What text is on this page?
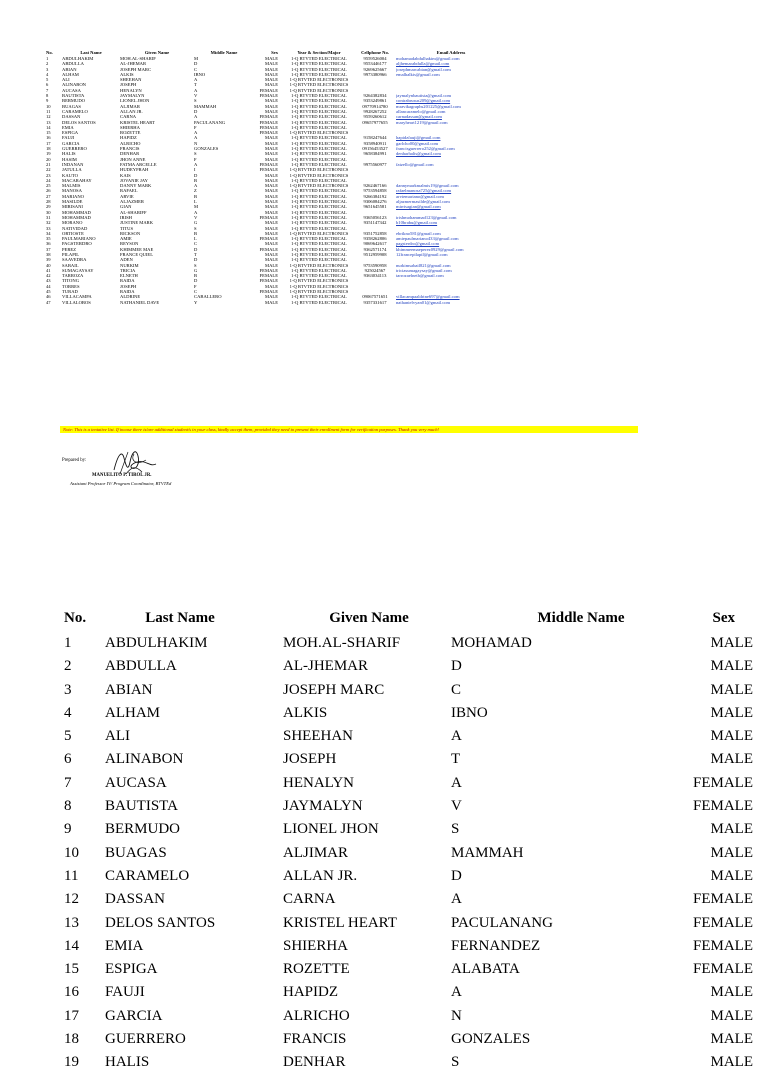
No.	Last Name	Given Name	Middle Name	Sex	Year & Section/Major	Cellphone No.	Email Address
1	ABDULHAKIM	MOH.AL-SHARIF	M	MALE	1-Q BTVTED ELECTRICAL	9559526004	mohamadabdulhakim@gmail.com
2	ABDULLA	AL-JHEMAR	D	MALE	1-Q BTVTED ELECTRICAL	9553446177	aljhemarabdulla@gmail.com
3	ABIAN	JOSEPH MARC	C	MALE	1-Q BTVTED ELECTRICAL	9269625667	josephmarcabian@gmail.com
4	ALHAM	ALKIS	IBNO	MALE	1-Q BTVTED ELECTRICAL	9973380966	emalhalkis@gmail.com
5	ALI	SHEEHAN	A	MALE	1-Q BTVTED ELECTRONICS
6	ALINABON	JOSEPH	T	MALE	1-Q BTVTED ELECTRONICS
7	AUCASA	HENALYN	A	FEMALE	1-Q BTVTED ELECTRONICS
8	BAUTISTA	JAYMALYN	V	FEMALE	1-Q BTVTED ELECTRICAL	9264382834	jaymalynbautista@gmail.com
9	BERMUDO	LIONEL JHON	S	MALE	1-Q BTVTED ELECTRICAL	9353249861	contrabrusus209@gmail.com
10	BUAGAS	ALJIMAR	MAMMAH	MALE	1-Q BTVTED ELECTRICAL	09770914780	mravikagraphs201225@gmail.com
11	CARAMELO	ALLAN JR.	D	MALE	1-Q BTVTED ELECTRICAL	9928267252	allancaramelo@gmail.com
12	DASSAN	CARNA	A	FEMALE	1-Q BTVTED ELECTRICAL	9559260612	carnadassan@gmail.com
13	DELOS SANTOS	KRISTEL HEART	PACULANANG	FEMALE	1-Q BTVTED ELECTRICAL	09657977655	maryheart1219@gmail.com
14	EMIA	SHIERHA	F	FEMALE	1-Q BTVTED ELECTRICAL
15	ESPIGA	ROZETTE	A	FEMALE	1-Q BTVTED ELECTRONICS
16	FAUJI	HAPIDZ	A	MALE	1-Q BTVTED ELECTRICAL	9158247644	hapidzfauji@gmail.com
17	GARCIA	ALRICHO	N	MALE	1-Q BTVTED ELECTRICAL	9358940911	garlcho00@gmail.com
18	GUERRERO	FRANCIS	GONZALES	MALE	1-Q BTVTED ELECTRICAL	09156453527	francisguerrero252@gmail.com
19	HALIS	DENHAR	S	MALE	1-Q BTVTED ELECTRICAL	9658384991	denharhalis@gmail.com
20	HASIM	JHON ANNE	F	MALE	1-Q BTVTED ELECTRICAL
21	INDANAN	FATMA ARCELLE	A	FEMALE	1-Q BTVTED ELECTRICAL	9975560977	fatzello@gmail.com
22	JATULLA	HUDEYFRAH	I	FEMALE	1-Q BTVTED ELECTRONICS
23	KAUTO	KAIS	D	MALE	1-Q BTVTED ELECTRONICS
24	MACARAHAY	JOVANIE JAY	B	MALE	1-Q BTVTED ELECTRICAL
25	MALMIS	DANNY MARK	A	MALE	1-Q BTVTED ELECTRONICS	9262467166	dannymarkmalmis19@gmail.com
26	MANOSA	RAFAEL	Z	MALE	1-Q BTVTED ELECTRICAL	9753594858	rafaelmanosa725@gmail.com
27	MARIANO	ARVIE	B	MALE	1-Q BTVTED ELECTRICAL	9266384192	arviemariano@gmail.com
28	MASILDE	ALJAZMER	L	MALE	1-Q BTVTED ELECTRICAL	9306084276	aljazmermasilde@gmail.com
29	MIRISANI	GIAN	M	MALE	1-Q BTVTED ELECTRICAL	9651645581	mirrisagian@gmail.com
30	MOHAMMAD	AL-SHARIFF	A	MALE	1-Q BTVTED ELECTRICAL
31	MOHAMMAD	IRISH	V	FEMALE	1-Q BTVTED ELECTRICAL	9365056123	irishmohammad123@gmail.com
32	MORANO	JUSTINE MARK	G	MALE	1-Q BTVTED ELECTRICAL	9351147342	b10brabu@gmail.com
33	NATIVIDAD	TITUS	S	MALE	1-Q BTVTED ELECTRICAL
34	ORTIOSTE	RICKSON	B	MALE	1-Q BTVTED ELECTRONICS	9351752858	ebrikno581@gmail.com
35	PAULMARIANO	AMIE	L	FEMALE	1-Q BTVTED ELECTRICAL	9358262806	amiepaulmariano433@gmail.com
36	PAGSTERDRO	REYSON	C	MALE	1-Q BTVTED ELECTRICAL	9069642617	pagsterdro@gmail.com
37	PEREZ	KHIMMEE MAE	D	FEMALE	1-Q BTVTED ELECTRICAL	9362571174	khimmeemaeperez0929@gmail.com
38	PILAPIL	FRANCE QUIEL	T	MALE	1-Q BTVTED ELECTRICAL	9512959908	12francepilapil@gmail.com
39	SAAVEDRA	ADEN	D	MALE	1-Q BTVTED ELECTRICAL
40	SABAIL	NURKIM	S	MALE	1-Q BTVTED ELECTRONICS	9753590958	nurkimsabail821@gmail.com
41	SUMAGAYSAY	TRICIA	G	FEMALE	1-Q BTVTED ELECTRICAL	925024567	triciasumagaysay@gmail.com
42	TARROZA	ELNETH	B	FEMALE	1-Q BTVTED ELECTRICAL	9363034113	tarrozaelneth@gmail.com
43	TITONG	RAIDA	D	FEMALE	1-Q BTVTED ELECTRONICS
44	TORRES	JOSEPH	F	MALE	1-Q BTVTED ELECTRONICS
45	TURAD	RAIDA	C	FEMALE	1-Q BTVTED ELECTRONICS
46	VILLACAMPA	ALDRINE	CABALLERO	MALE	1-Q BTVTED ELECTRICAL	09067571651	villacampaaldrine697@gmail.com
47	VILLALOBOS	NATHANIEL DAVE	Y	MALE	1-Q BTVTED ELECTRICAL	9357331617	nathanielvyan01@gmail.com
Note: This is a tentative list. If incase there is/are additional student/s in your class, kindly accept them, provided they need to present their enrollment form for verification purposes. Thank you very much!
Prepared by:
MANUELITO P. TIROL JR.
Assistant Professor IV/ Program Coordinator, BTVTEd
No.	Last Name	Given Name	Middle Name	Sex
1	ABDULHAKIM	MOH.AL-SHARIF	MOHAMAD	MALE
2	ABDULLA	AL-JHEMAR	D	MALE
3	ABIAN	JOSEPH MARC	C	MALE
4	ALHAM	ALKIS	IBNO	MALE
5	ALI	SHEEHAN	A	MALE
6	ALINABON	JOSEPH	T	MALE
7	AUCASA	HENALYN	A	FEMALE
8	BAUTISTA	JAYMALYN	V	FEMALE
9	BERMUDO	LIONEL JHON	S	MALE
10	BUAGAS	ALJIMAR	MAMMAH	MALE
11	CARAMELO	ALLAN JR.	D	MALE
12	DASSAN	CARNA	A	FEMALE
13	DELOS SANTOS	KRISTEL HEART	PACULANANG	FEMALE
14	EMIA	SHIERHA	FERNANDEZ	FEMALE
15	ESPIGA	ROZETTE	ALABATA	FEMALE
16	FAUJI	HAPIDZ	A	MALE
17	GARCIA	ALRICHO	N	MALE
18	GUERRERO	FRANCIS	GONZALES	MALE
19	HALIS	DENHAR	S	MALE
